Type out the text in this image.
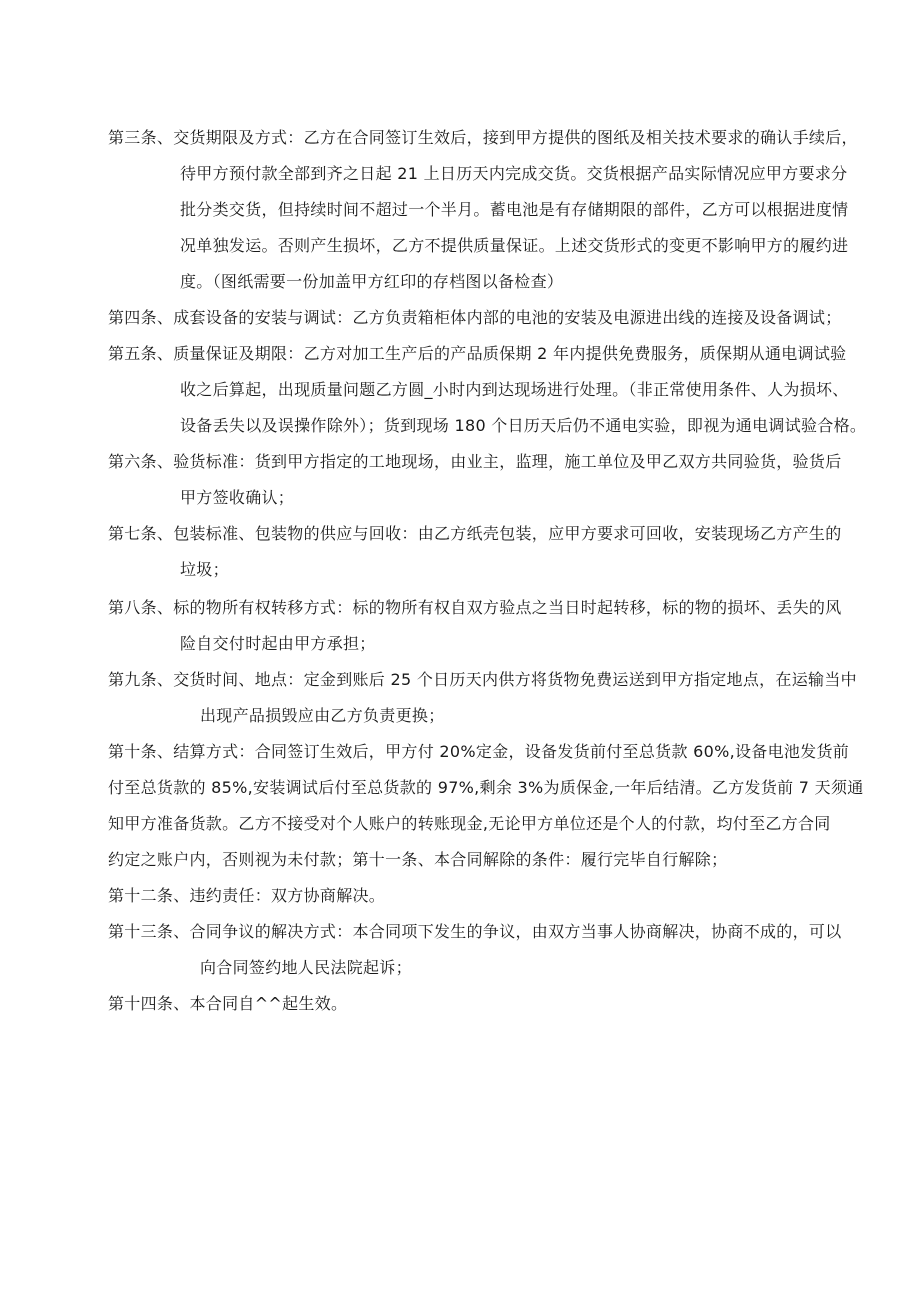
第三条、交货期限及方式：乙方在合同签订生效后，接到甲方提供的图纸及相关技术要求的确认手续后，
待甲方预付款全部到齐之日起 21 上日历天内完成交货。交货根据产品实际情况应甲方要求分
批分类交货，但持续时间不超过一个半月。蓄电池是有存储期限的部件，乙方可以根据进度情
况单独发运。否则产生损坏，乙方不提供质量保证。上述交货形式的变更不影响甲方的履约进
度。（图纸需要一份加盖甲方红印的存档图以备检查）
第四条、成套设备的安装与调试：乙方负责箱柜体内部的电池的安装及电源进出线的连接及设备调试；
第五条、质量保证及期限：乙方对加工生产后的产品质保期 2 年内提供免费服务，质保期从通电调试验
收之后算起，出现质量问题乙方圆_小时内到达现场进行处理。（非正常使用条件、人为损坏、
设备丢失以及误操作除外）；货到现场 180 个日历天后仍不通电实验，即视为通电调试验合格。
第六条、验货标准：货到甲方指定的工地现场，由业主，监理，施工单位及甲乙双方共同验货，验货后
甲方签收确认；
第七条、包装标准、包装物的供应与回收：由乙方纸壳包装，应甲方要求可回收，安装现场乙方产生的
垃圾；
第八条、标的物所有权转移方式：标的物所有权自双方验点之当日时起转移，标的物的损坏、丢失的风
险自交付时起由甲方承担；
第九条、交货时间、地点：定金到账后 25 个日历天内供方将货物免费运送到甲方指定地点，在运输当中
出现产品损毁应由乙方负责更换；
第十条、结算方式：合同签订生效后，甲方付 20%定金，设备发货前付至总货款 60%,设备电池发货前
付至总货款的 85%,安装调试后付至总货款的 97%,剩余 3%为质保金,一年后结清。乙方发货前 7 天须通
知甲方准备货款。乙方不接受对个人账户的转账现金,无论甲方单位还是个人的付款，均付至乙方合同
约定之账户内，否则视为未付款；第十一条、本合同解除的条件：履行完毕自行解除；
第十二条、违约责任：双方协商解决。
第十三条、合同争议的解决方式：本合同项下发生的争议，由双方当事人协商解决，协商不成的，可以
向合同签约地人民法院起诉；
第十四条、本合同自^^起生效。
